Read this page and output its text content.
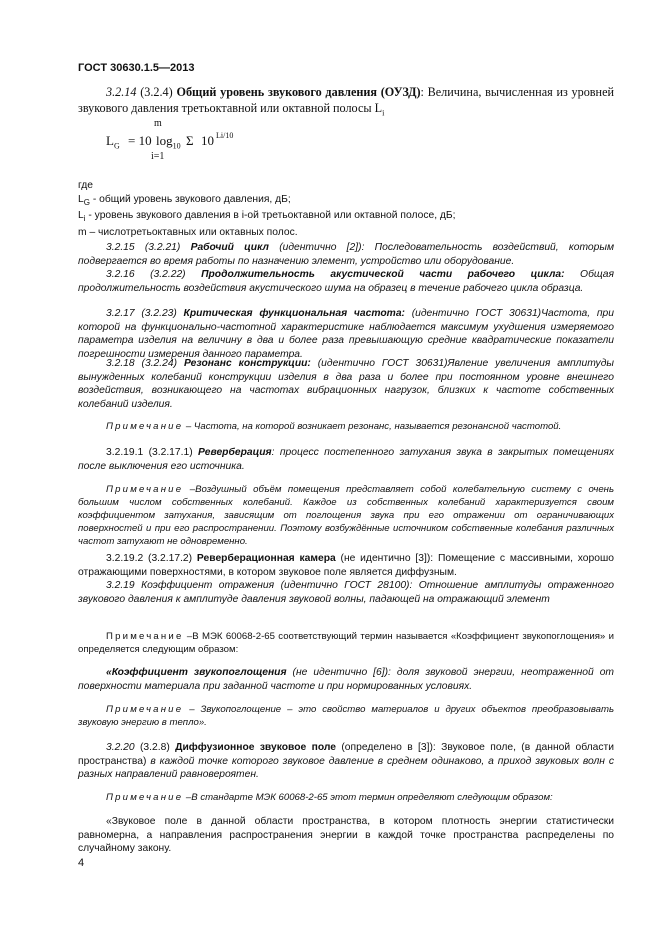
ГОСТ 30630.1.5—2013
3.2.14 (3.2.4) Общий уровень звукового давления (ОУЗД): Величина, вычисленная из уровней звукового давления третьоктавной или октавной полосы $L_i$
m
$L_G = 10$ $\log_{10} \Sigma$ 10 Li/10
i=1
где
$L_G$ - общий уровень звукового давления, дБ;
$L_i$ - уровень звукового давления в i-ой третьоктавной или октавной полосе, дБ;
m – числотретьоктавных или октавных полос.
3.2.15 (3.2.21) Рабочий цикл (идентично [2]): Последовательность воздействий, которым подвергается во время работы по назначению элемент, устройство или оборудование.
3.2.16 (3.2.22) Продолжительность акустической части рабочего цикла: Общая продолжительность воздействия акустического шума на образец в течение рабочего цикла образца.
3.2.17 (3.2.23) Критическая функциональная частота: (идентично ГОСТ 30631)Частота, при которой на функционально-частотной характеристике наблюдается максимум ухудшения измеряемого параметра изделия на величину в два и более раза превышающую средние квадратические показатели погрешности измерения данного параметра.
3.2.18 (3.2.24) Резонанс конструкции: (идентично ГОСТ 30631)Явление увеличения амплитуды вынужденных колебаний конструкции изделия в два раза и более при постоянном уровне внешнего воздействия, возникающего на частотах вибрационных нагрузок, близких к частоте собственных колебаний изделия.
Примечание – Частота, на которой возникает резонанс, называется резонансной частотой.
3.2.19.1 (3.2.17.1) Реверберация: процесс постепенного затухания звука в закрытых помещениях после выключения его источника.
Примечание –Воздушный объём помещения представляет собой колебательную систему с очень большим числом собственных колебаний. Каждое из собственных колебаний характеризуется своим коэффициентом затухания, зависящим от поглощения звука при его отражении от ограничивающих поверхностей и при его распространении. Поэтому возбуждённые источником собственные колебания различных частот затухают не одновременно.
3.2.19.2 (3.2.17.2) Реверберационная камера (не идентично [3]): Помещение с массивными, хорошо отражающими поверхностями, в котором звуковое поле является диффузным.
3.2.19 Коэффициент отражения (идентично ГОСТ 28100): Отношение амплитуды отраженного звукового давления к амплитуде давления звуковой волны, падающей на отражающий элемент
Примечание –В МЭК 60068-2-65 соответствующий термин называется «Коэффициент звукопоглощения» и определяется следующим образом:
«Коэффициент звукопоглощения (не идентично [6]): доля звуковой энергии, неотраженной от поверхности материала при заданной частоте и при нормированных условиях.
Примечание – Звукопоглощение – это свойство материалов и других объектов преобразовывать звуковую энергию в тепло».
3.2.20 (3.2.8) Диффузионное звуковое поле (определено в [3]): Звуковое поле, (в данной области пространства) в каждой точке которого звуковое давление в среднем одинаково, а приход звуковых волн с разных направлений равновероятен.
Примечание –В стандарте МЭК 60068-2-65 этот термин определяют следующим образом:
«Звуковое поле в данной области пространства, в котором плотность энергии статистически равномерна, а направления распространения энергии в каждой точке пространства распределены по случайному закону.
4
